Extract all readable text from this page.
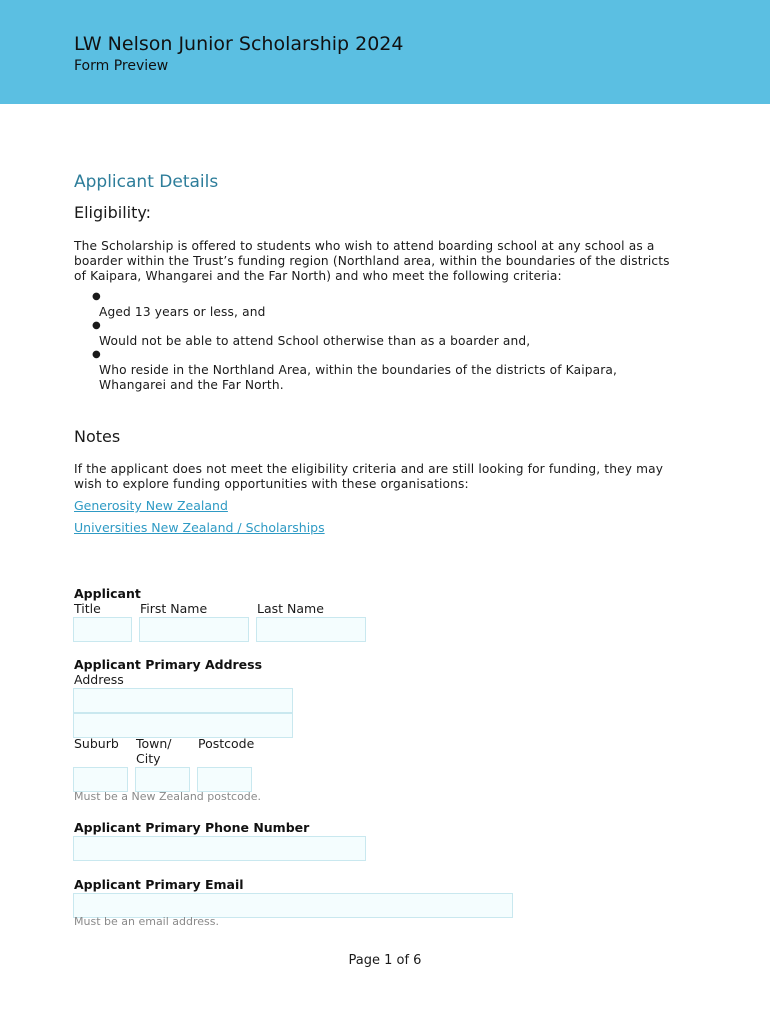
LW Nelson Junior Scholarship 2024
Form Preview
Applicant Details
Eligibility:
The Scholarship is offered to students who wish to attend boarding school at any school as a boarder within the Trust’s funding region (Northland area, within the boundaries of the districts of Kaipara, Whangarei and the Far North) and who meet the following criteria:
●
Aged 13 years or less, and
●
Would not be able to attend School otherwise than as a boarder and,
●
Who reside in the Northland Area, within the boundaries of the districts of Kaipara, Whangarei and the Far North.
Notes
If the applicant does not meet the eligibility criteria and are still looking for funding, they may wish to explore funding opportunities with these organisations:
Generosity New Zealand
Universities New Zealand / Scholarships
Applicant
Title	First Name	Last Name
Applicant Primary Address
Address
Suburb Town/ City
Postcode
Must be a New Zealand postcode.
Applicant Primary Phone Number
Applicant Primary Email
Must be an email address.
Page 1 of 6
